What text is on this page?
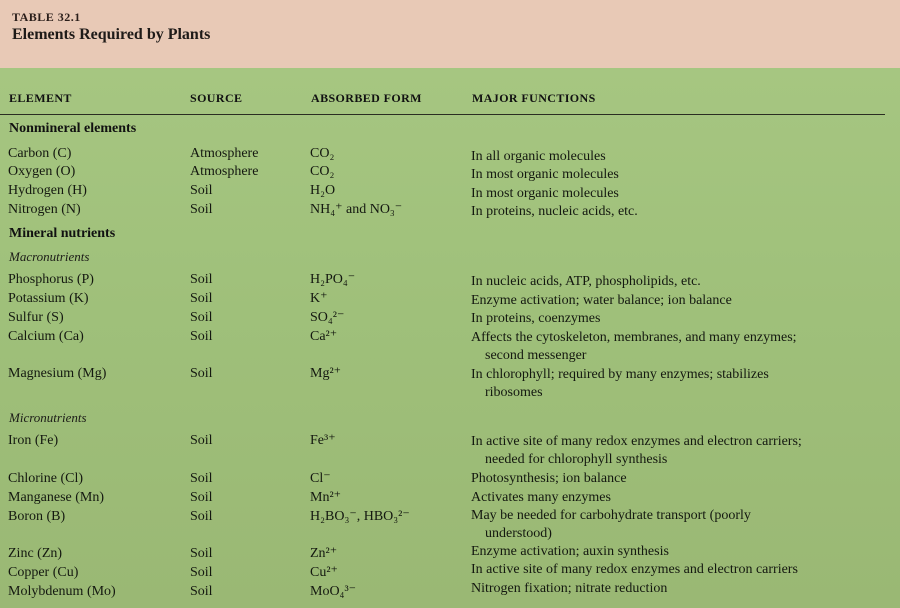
TABLE 32.1
Elements Required by Plants
ELEMENT	SOURCE	ABSORBED FORM	MAJOR FUNCTIONS
Nonmineral elements
Mineral nutrients
Macronutrients
Micronutrients
Carbon (C)	Atmosphere	CO₂	In all organic molecules
Oxygen (O)	Atmosphere	CO₂	In most organic molecules
Hydrogen (H)	Soil	H₂O	In most organic molecules
Nitrogen (N)	Soil	NH₄⁺ and NO₃⁻	In proteins, nucleic acids, etc.
Phosphorus (P)	Soil	H₂PO₄⁻	In nucleic acids, ATP, phospholipids, etc.
Potassium (K)	Soil	K⁺	Enzyme activation; water balance; ion balance
Sulfur (S)	Soil	SO₄²⁻	In proteins, coenzymes
Calcium (Ca)	Soil	Ca²⁺	Affects the cytoskeleton, membranes, and many enzymes;
second messenger
Magnesium (Mg)	Soil	Mg²⁺	In chlorophyll; required by many enzymes; stabilizes
ribosomes
Iron (Fe)	Soil	Fe³⁺	In active site of many redox enzymes and electron carriers;
needed for chlorophyll synthesis
Chlorine (Cl)	Soil	Cl⁻	Photosynthesis; ion balance
Manganese (Mn)	Soil	Mn²⁺	Activates many enzymes
Boron (B)	Soil	H₂BO₃⁻, HBO₃²⁻	May be needed for carbohydrate transport (poorly
understood)
Zinc (Zn)	Soil	Zn²⁺	Enzyme activation; auxin synthesis
Copper (Cu)	Soil	Cu²⁺	In active site of many redox enzymes and electron carriers
Molybdenum (Mo)	Soil	MoO₄³⁻	Nitrogen fixation; nitrate reduction
